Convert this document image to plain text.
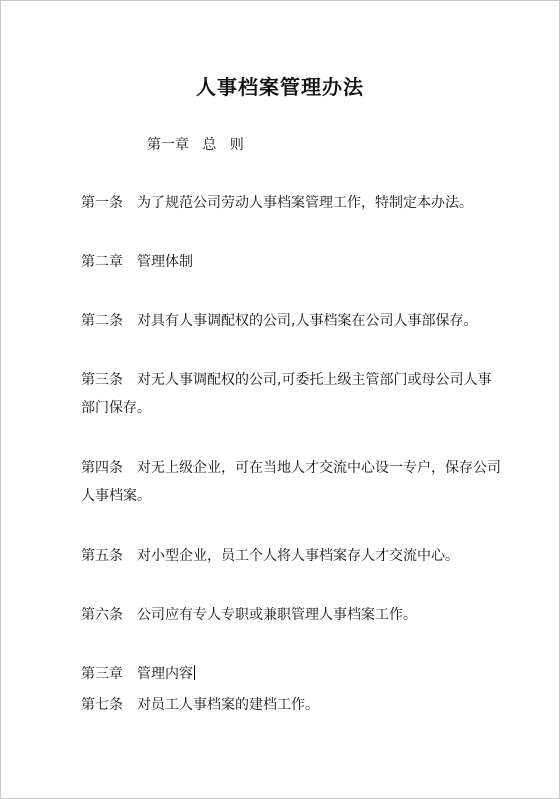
人事档案管理办法
第一章   总   则
第一条 为了规范公司劳动人事档案管理工作，特制定本办法。
第二章 管理体制
第二条 对具有人事调配权的公司,人事档案在公司人事部保存。
第三条 对无人事调配权的公司,可委托上级主管部门或母公司人事部门保存。
第四条 对无上级企业，可在当地人才交流中心设一专户，保存公司人事档案。
第五条 对小型企业，员工个人将人事档案存人才交流中心。
第六条 公司应有专人专职或兼职管理人事档案工作。
第三章 管理内容
第七条 对员工人事档案的建档工作。
